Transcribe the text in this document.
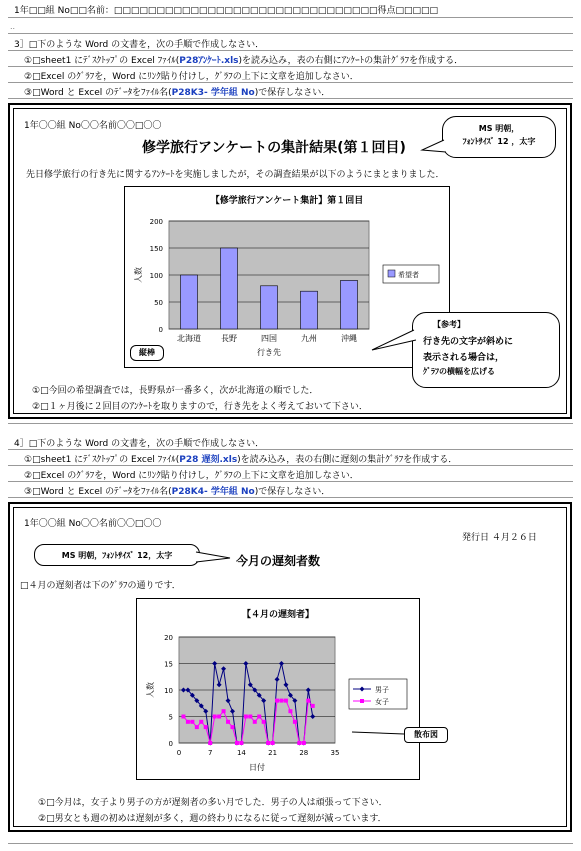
1年□□組 No□□名前：□□□□□□□□□□□□□□□□□□□□□□□□□□□□□□□得点□□□□□
..
3］□下のような Word の文書を，次の手順で作成しなさい．
①□sheet1 にﾃﾞｽｸﾄｯﾌﾟの Excel ﾌｧｲﾙ(P28ｱﾝｹｰﾄ.xls)を読み込み，表の右側にｱﾝｹｰﾄの集計ｸﾞﾗﾌを作成する．
②□Excel のｸﾞﾗﾌを，Word にﾘﾝｸ貼り付けし，ｸﾞﾗﾌの上下に文章を追加しなさい．
③□Word と Excel のﾃﾞｰﾀをﾌｧｲﾙ名(P28K3- 学年組 No)で保存しなさい．
1年〇〇組 No〇〇名前〇〇□〇〇
修学旅行アンケートの集計結果(第１回目)
MS 明朝，
ﾌｫﾝﾄｻｲｽﾞ 12 ，太字
先日修学旅行の行き先に関するｱﾝｹｰﾄを実施しましたが，その調査結果が以下のようにまとまりました．
【修学旅行アンケート集計】第１回目
0
50
100
150
200
北海道	長野	四国	九州	沖縄
行き先
人数	希望者
縦棒
【参考】
行き先の文字が斜めに
表示される場合は，
ｸﾞﾗﾌの横幅を広げる
①□今回の希望調査では，長野県が一番多く，次が北海道の順でした．
②□１ヶ月後に２回目のｱﾝｹｰﾄを取りますので，行き先をよく考えておいて下さい．
4］□下のような Word の文書を，次の手順で作成しなさい．
①□sheet1 にﾃﾞｽｸﾄｯﾌﾟの Excel ﾌｧｲﾙ(P28 遅刻.xls)を読み込み，表の右側に遅刻の集計ｸﾞﾗﾌを作成する．
②□Excel のｸﾞﾗﾌを，Word にﾘﾝｸ貼り付けし，ｸﾞﾗﾌの上下に文章を追加しなさい．
③□Word と Excel のﾃﾞｰﾀをﾌｧｲﾙ名(P28K4- 学年組 No)で保存しなさい．
1年〇〇組 No〇〇名前〇〇□〇〇
発行日 ４月２６日
MS 明朝，ﾌｫﾝﾄｻｲｽﾞ 12，太字	今月の遅刻者数
□４月の遅刻者は下のｸﾞﾗﾌの通りです．
【４月の遅刻者】
0
5
10
15
20
0	7	14	21	28	35
日付
人数	男子
女子
散布図
①□今月は，女子より男子の方が遅刻者の多い月でした．男子の人は頑張って下さい．
②□男女とも週の初めは遅刻が多く，週の終わりになるに従って遅刻が減っています．
